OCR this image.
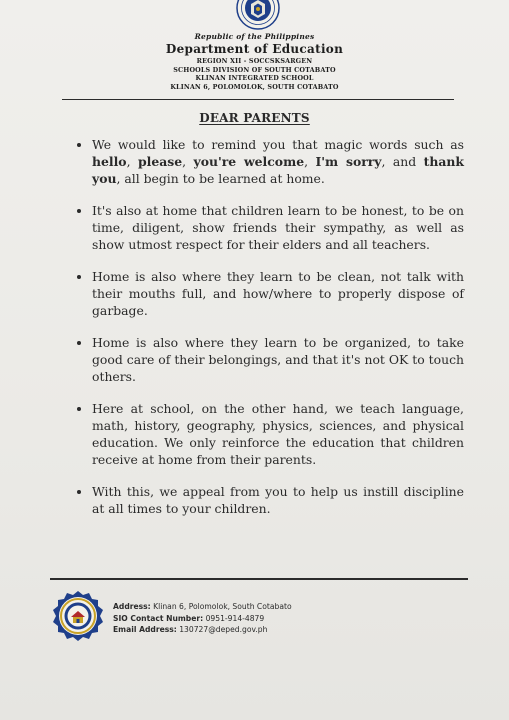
Republic of the Philippines
Department of Education
REGION XII - SOCCSKSARGEN
SCHOOLS DIVISION OF SOUTH COTABATO
KLINAN INTEGRATED SCHOOL
KLINAN 6, POLOMOLOK, SOUTH COTABATO
DEAR PARENTS
We would like to remind you that magic words such as hello, please, you're welcome, I'm sorry, and thank you, all begin to be learned at home.
It's also at home that children learn to be honest, to be on time, diligent, show friends their sympathy, as well as show utmost respect for their elders and all teachers.
Home is also where they learn to be clean, not talk with their mouths full, and how/where to properly dispose of garbage.
Home is also where they learn to be organized, to take good care of their belongings, and that it's not OK to touch others.
Here at school, on the other hand, we teach language, math, history, geography, physics, sciences, and physical education. We only reinforce the education that children receive at home from their parents.
With this, we appeal from you to help us instill discipline at all times to your children.
Address: Klinan 6, Polomolok, South Cotabato
SIO Contact Number: 0951-914-4879
Email Address: 130727@deped.gov.ph
